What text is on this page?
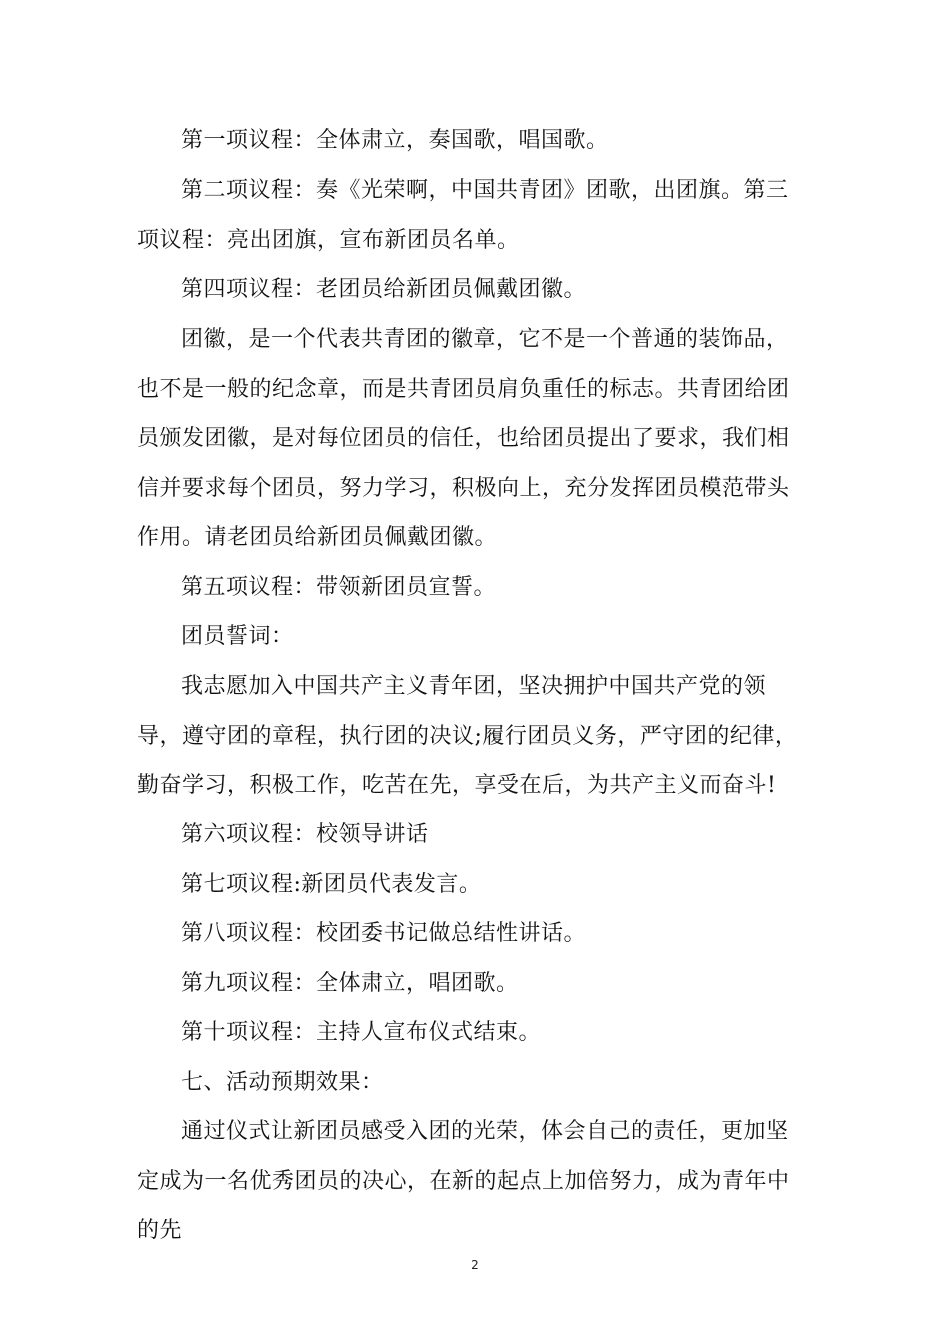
第一项议程：全体肃立，奏国歌，唱国歌。

第二项议程：奏《光荣啊，中国共青团》团歌，出团旗。第三项议程：亮出团旗，宣布新团员名单。

第四项议程：老团员给新团员佩戴团徽。

团徽，是一个代表共青团的徽章，它不是一个普通的装饰品，也不是一般的纪念章，而是共青团员肩负重任的标志。共青团给团员颁发团徽，是对每位团员的信任，也给团员提出了要求，我们相信并要求每个团员，努力学习，积极向上，充分发挥团员模范带头作用。请老团员给新团员佩戴团徽。

第五项议程：带领新团员宣誓。

团员誓词：

我志愿加入中国共产主义青年团，坚决拥护中国共产党的领导，遵守团的章程，执行团的决议;履行团员义务，严守团的纪律，勤奋学习，积极工作，吃苦在先，享受在后，为共产主义而奋斗!

第六项议程：校领导讲话

第七项议程:新团员代表发言。

第八项议程：校团委书记做总结性讲话。

第九项议程：全体肃立，唱团歌。

第十项议程：主持人宣布仪式结束。

七、活动预期效果：

通过仪式让新团员感受入团的光荣，体会自己的责任，更加坚定成为一名优秀团员的决心，在新的起点上加倍努力，成为青年中的先

2
